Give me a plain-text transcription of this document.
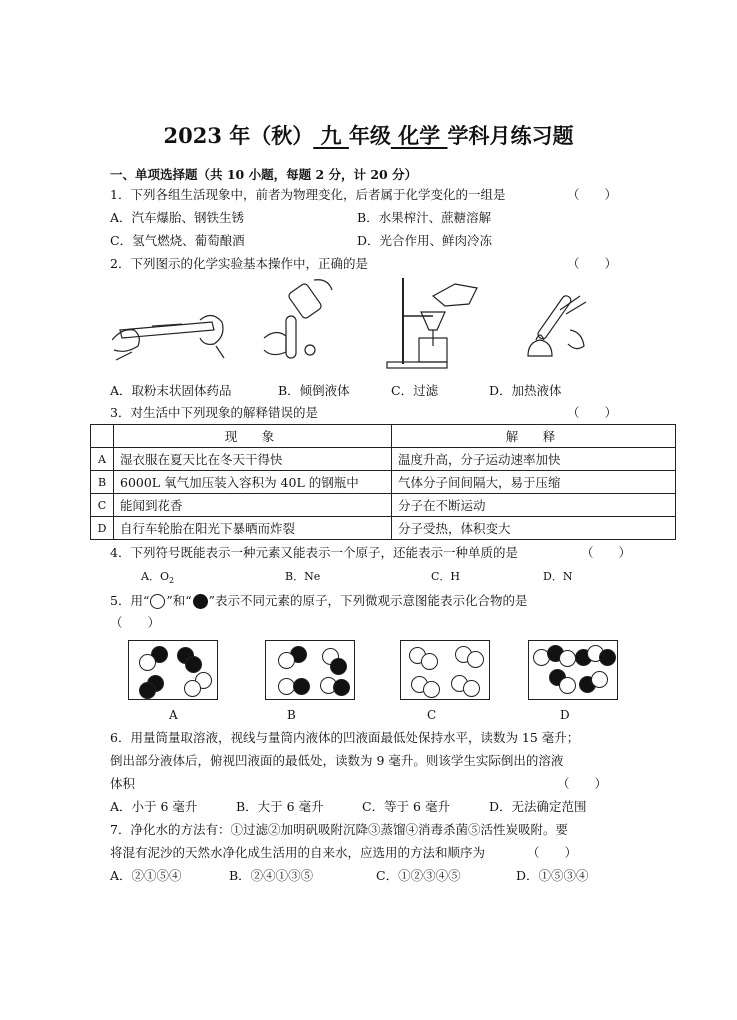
2023 年（秋） 九 年级 化学 学科月练习题
一、单项选择题（共 10 小题，每题 2 分，计 20 分）
1．下列各组生活现象中，前者为物理变化，后者属于化学变化的一组是	（　　）
A．汽车爆胎、钢铁生锈	B．水果榨汁、蔗糖溶解
C．氢气燃烧、葡萄酿酒	D．光合作用、鲜肉冷冻
2．下列图示的化学实验基本操作中，正确的是	（　　）
A．取粉末状固体药品	B．倾倒液体	C．过滤	D．加热液体
3．对生活中下列现象的解释错误的是	（　　）
	现　象	解　释
A	湿衣服在夏天比在冬天干得快	温度升高，分子运动速率加快
B	6000L 氧气加压装入容积为 40L 的钢瓶中	气体分子间间隔大，易于压缩
C	能闻到花香	分子在不断运动
D	自行车轮胎在阳光下暴晒而炸裂	分子受热，体积变大
4．下列符号既能表示一种元素又能表示一个原子，还能表示一种单质的是	（　　）
A．$O_2$	B．Ne	C．H	D．N
5．用“ ”和“ ”表示不同元素的原子，下列微观示意图能表示化合物的是
（　　）
A	B	C	D
6．用量筒量取溶液，视线与量筒内液体的凹液面最低处保持水平，读数为 15 毫升；
倒出部分液体后，俯视凹液面的最低处，读数为 9 毫升。则该学生实际倒出的溶液
体积	（　　）
A．小于 6 毫升	B．大于 6 毫升	C．等于 6 毫升	D．无法确定范围
7．净化水的方法有：①过滤②加明矾吸附沉降③蒸馏④消毒杀菌⑤活性炭吸附。要
将混有泥沙的天然水净化成生活用的自来水，应选用的方法和顺序为	（　　）
A．②①⑤④	B．②④①③⑤	C．①②③④⑤	D．①⑤③④
